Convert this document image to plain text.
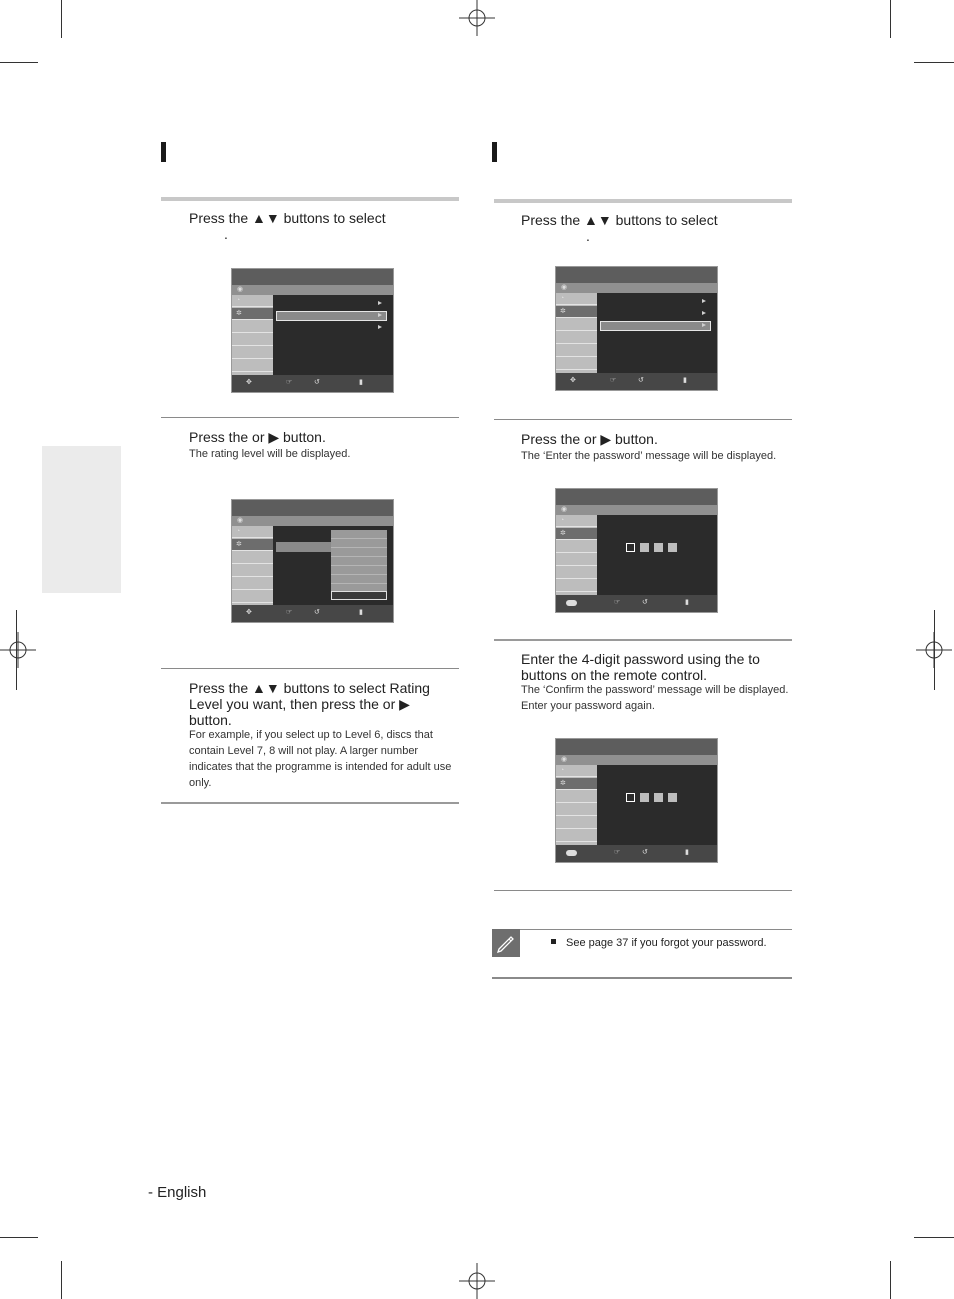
Press the ▲▼ buttons to select
.
◉
◔
✲
✥	☞	↺	▮
Press the or ▶ button.
The rating level will be displayed.
◉
◔
✲
✥	☞	↺	▮
Press the ▲▼ buttons to select Rating Level you want, then press the or ▶ button.
For example, if you select up to Level 6, discs that contain Level 7, 8 will not play. A larger number indicates that the programme is intended for adult use only.
Press the ▲▼ buttons to select
.
◉
◔
✲
✥	☞	↺	▮
Press the or ▶ button.
The ‘Enter the password’ message will be displayed.
◉
◔
✲
☞	↺	▮
Enter the 4-digit password using the to buttons on the remote control.
The ‘Confirm the password’ message will be displayed. Enter your password again.
◉
◔
✲
☞	↺	▮
See page 37 if you forgot your password.
- English
